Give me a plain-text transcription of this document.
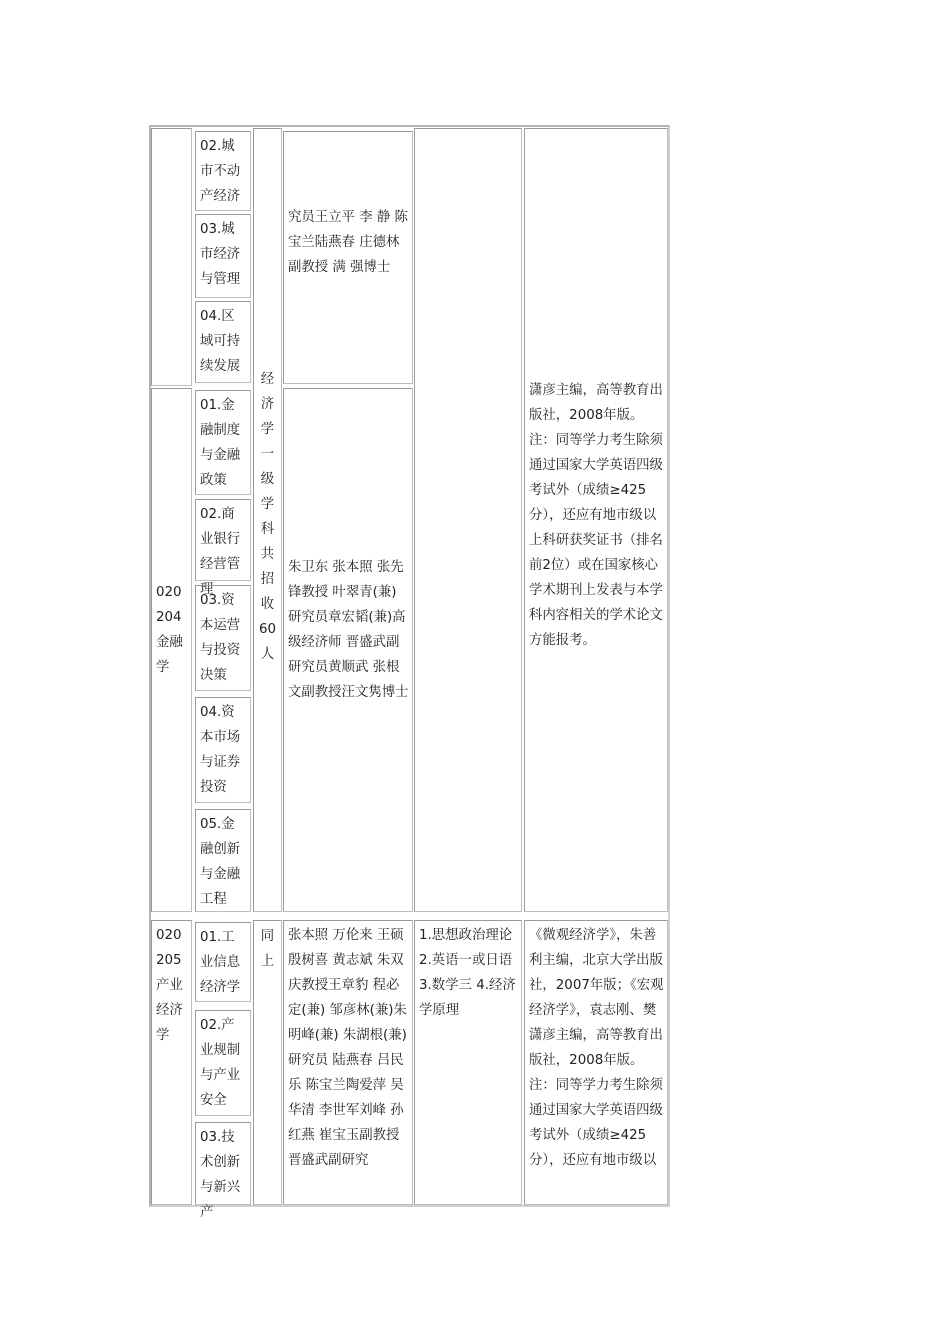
02.城市不动产经济
03.城市经济与管理
04.区域可持续发展
究员王立平 李 静 陈宝兰陆燕春 庄德林副教授 满 强博士
经
济
学
一
级
学
科
共
招
收
60
人
潇彦主编，高等教育出版社，2008年版。注：同等学力考生除须通过国家大学英语四级考试外（成绩≥425分），还应有地市级以上科研获奖证书（排名前2位）或在国家核心学术期刊上发表与本学科内容相关的学术论文方能报考。
020204 金融学
01.金融制度与金融政策
02.商业银行经营管理
03.资本运营与投资决策
04.资本市场与证券投资
05.金融创新与金融工程
朱卫东 张本照 张先锋教授 叶翠青(兼)研究员章宏韬(兼)高级经济师 晋盛武副研究员黄顺武 张根文副教授汪文隽博士
020205 产业经济学
01.工业信息经济学
02.产业规制与产业安全
03.技术创新与新兴产
同
上
张本照 万伦来 王硕殷树喜 黄志斌 朱双庆教授王章豹 程必定(兼) 邹彦林(兼)朱明峰(兼) 朱湖根(兼)研究员 陆燕春 吕民乐 陈宝兰陶爱萍 吴华清 李世军刘峰 孙红燕 崔宝玉副教授晋盛武副研究
1.思想政治理论2.英语一或日语3.数学三 4.经济学原理
《微观经济学》，朱善利主编，北京大学出版社，2007年版；《宏观经济学》，袁志刚、樊潇彦主编，高等教育出版社，2008年版。注：同等学力考生除须通过国家大学英语四级考试外（成绩≥425分），还应有地市级以
